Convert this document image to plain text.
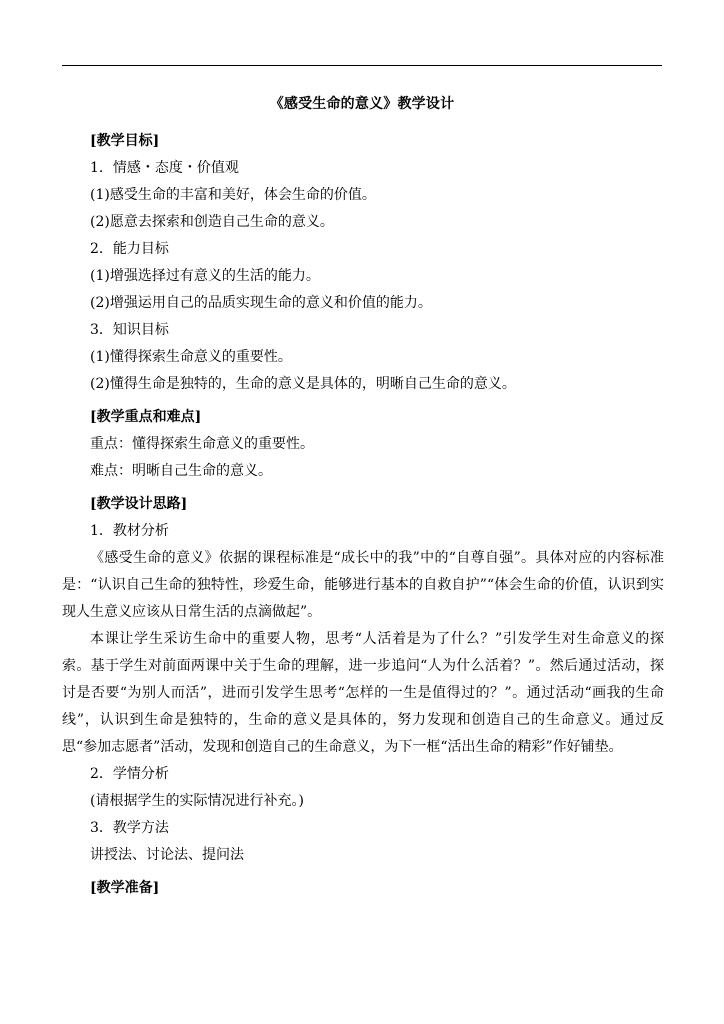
《感受生命的意义》教学设计

[教学目标]

1．情感・态度・价值观

(1)感受生命的丰富和美好，体会生命的价值。

(2)愿意去探索和创造自己生命的意义。

2．能力目标

(1)增强选择过有意义的生活的能力。

(2)增强运用自己的品质实现生命的意义和价值的能力。

3．知识目标

(1)懂得探索生命意义的重要性。

(2)懂得生命是独特的，生命的意义是具体的，明晰自己生命的意义。

[教学重点和难点]

重点：懂得探索生命意义的重要性。

难点：明晰自己生命的意义。

[教学设计思路]

1．教材分析

《感受生命的意义》依据的课程标准是“成长中的我”中的“自尊自强”。具体对应的内容标准是：“认识自己生命的独特性，珍爱生命，能够进行基本的自救自护”“体会生命的价值，认识到实现人生意义应该从日常生活的点滴做起”。

本课让学生采访生命中的重要人物，思考“人活着是为了什么？”引发学生对生命意义的探索。基于学生对前面两课中关于生命的理解，进一步追问“人为什么活着？”。然后通过活动，探讨是否要“为别人而活”，进而引发学生思考“怎样的一生是值得过的？”。通过活动“画我的生命线”，认识到生命是独特的，生命的意义是具体的，努力发现和创造自己的生命意义。通过反思“参加志愿者”活动，发现和创造自己的生命意义，为下一框“活出生命的精彩”作好铺垫。

2．学情分析

(请根据学生的实际情况进行补充。)

3．教学方法

讲授法、讨论法、提问法

[教学准备]
